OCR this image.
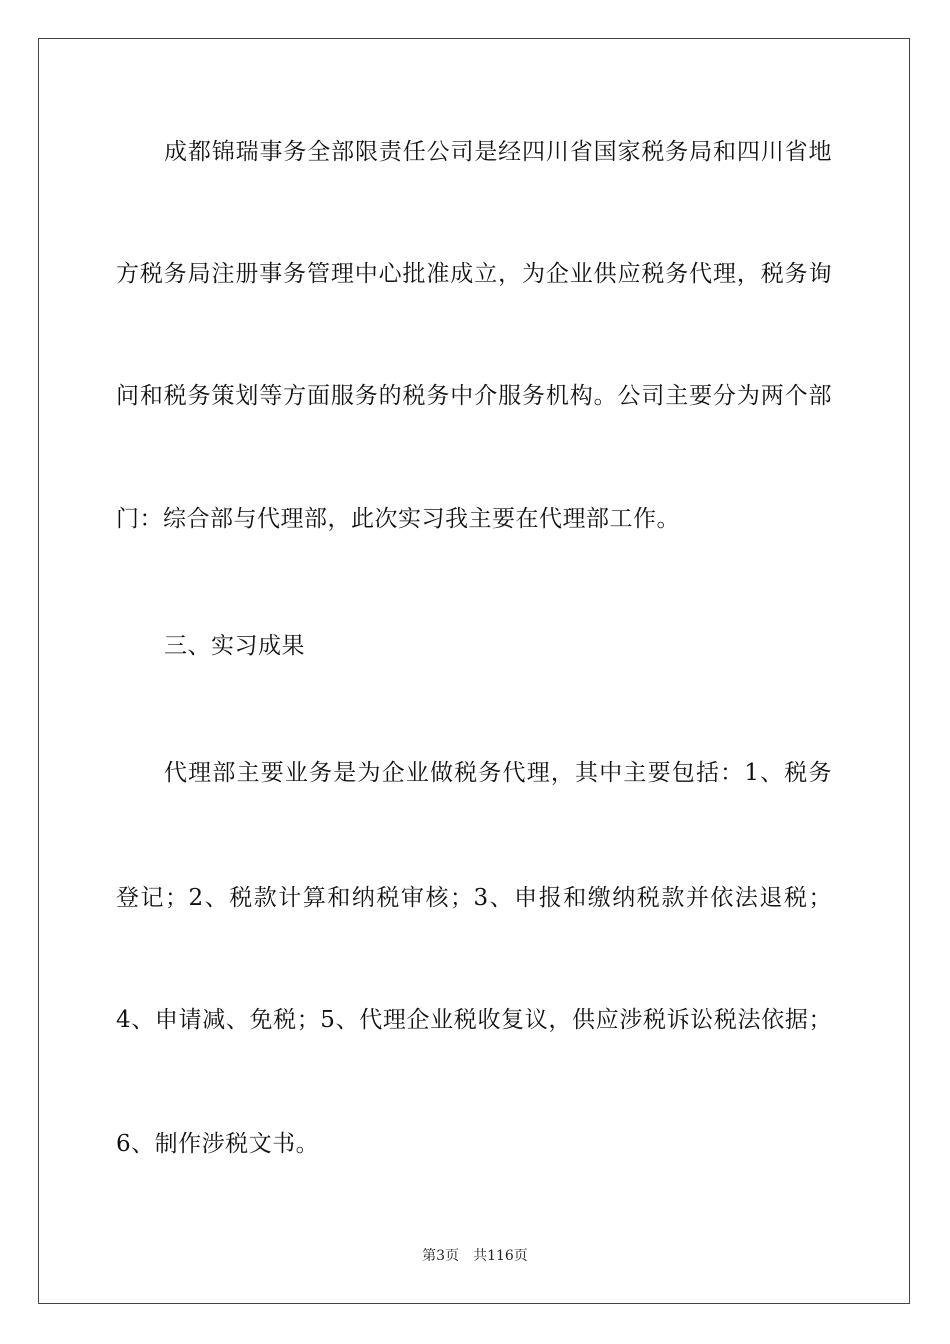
成都锦瑞事务全部限责任公司是经四川省国家税务局和四川省地
方税务局注册事务管理中心批准成立，为企业供应税务代理，税务询
问和税务策划等方面服务的税务中介服务机构。公司主要分为两个部
门：综合部与代理部，此次实习我主要在代理部工作。
三、实习成果
代理部主要业务是为企业做税务代理，其中主要包括：1、税务
登记；2、税款计算和纳税审核；3、申报和缴纳税款并依法退税；
4、申请减、免税；5、代理企业税收复议，供应涉税诉讼税法依据；
6、制作涉税文书。
第3页　共116页
